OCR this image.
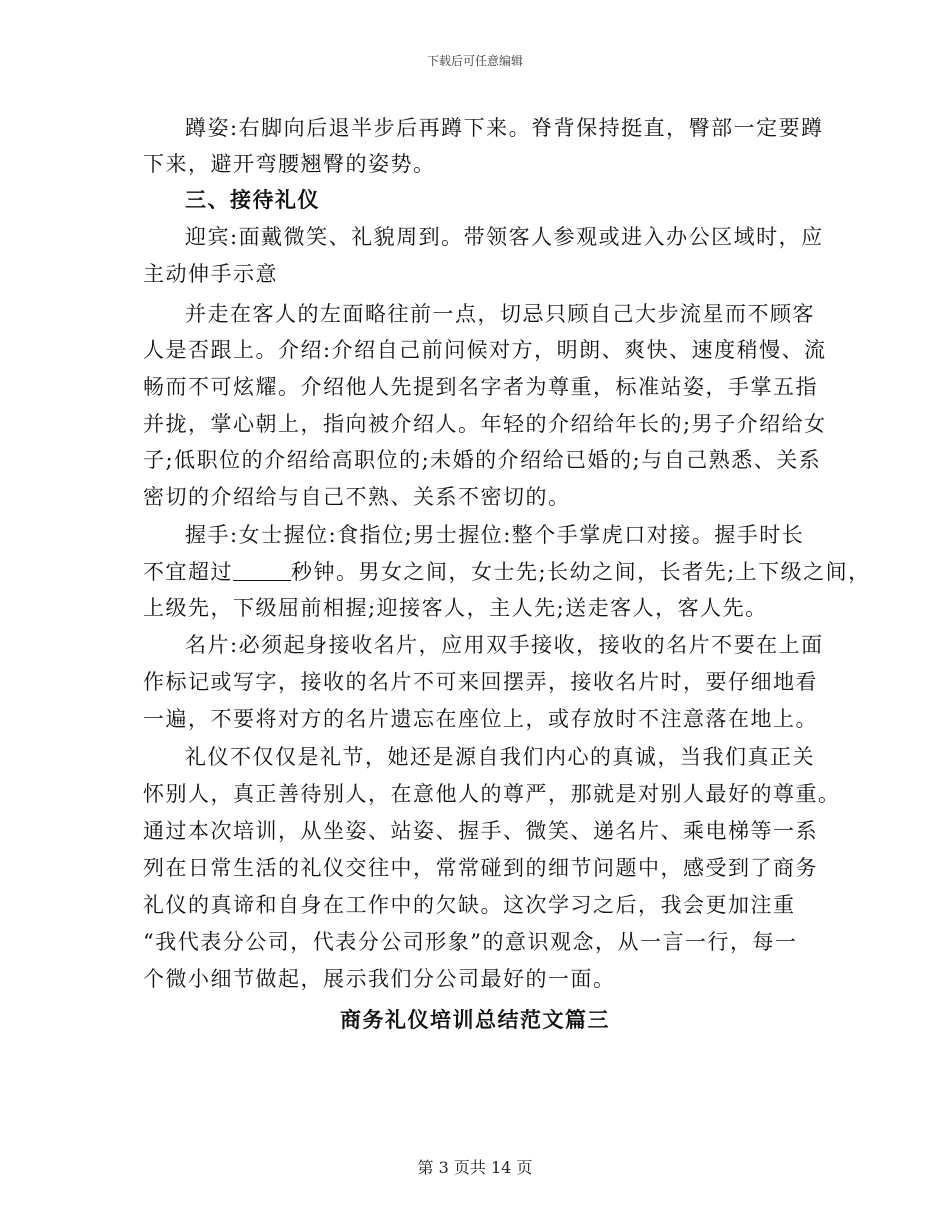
下载后可任意编辑
蹲姿:右脚向后退半步后再蹲下来。脊背保持挺直，臀部一定要蹲
下来，避开弯腰翘臀的姿势。
三、接待礼仪
迎宾:面戴微笑、礼貌周到。带领客人参观或进入办公区域时，应
主动伸手示意
并走在客人的左面略往前一点，切忌只顾自己大步流星而不顾客
人是否跟上。介绍:介绍自己前问候对方，明朗、爽快、速度稍慢、流
畅而不可炫耀。介绍他人先提到名字者为尊重，标准站姿，手掌五指
并拢，掌心朝上，指向被介绍人。年轻的介绍给年长的;男子介绍给女
子;低职位的介绍给高职位的;未婚的介绍给已婚的;与自己熟悉、关系
密切的介绍给与自己不熟、关系不密切的。
握手:女士握位:食指位;男士握位:整个手掌虎口对接。握手时长
不宜超过	秒钟。男女之间，女士先;长幼之间，长者先;上下级之间，
上级先，下级屈前相握;迎接客人，主人先;送走客人，客人先。
名片:必须起身接收名片，应用双手接收，接收的名片不要在上面
作标记或写字，接收的名片不可来回摆弄，接收名片时，要仔细地看
一遍，不要将对方的名片遗忘在座位上，或存放时不注意落在地上。
礼仪不仅仅是礼节，她还是源自我们内心的真诚，当我们真正关
怀别人，真正善待别人，在意他人的尊严，那就是对别人最好的尊重。
通过本次培训，从坐姿、站姿、握手、微笑、递名片、乘电梯等一系
列在日常生活的礼仪交往中，常常碰到的细节问题中，感受到了商务
礼仪的真谛和自身在工作中的欠缺。这次学习之后，我会更加注重
“我代表分公司，代表分公司形象”的意识观念，从一言一行，每一
个微小细节做起，展示我们分公司最好的一面。
商务礼仪培训总结范文篇三
第 3 页共 14 页
